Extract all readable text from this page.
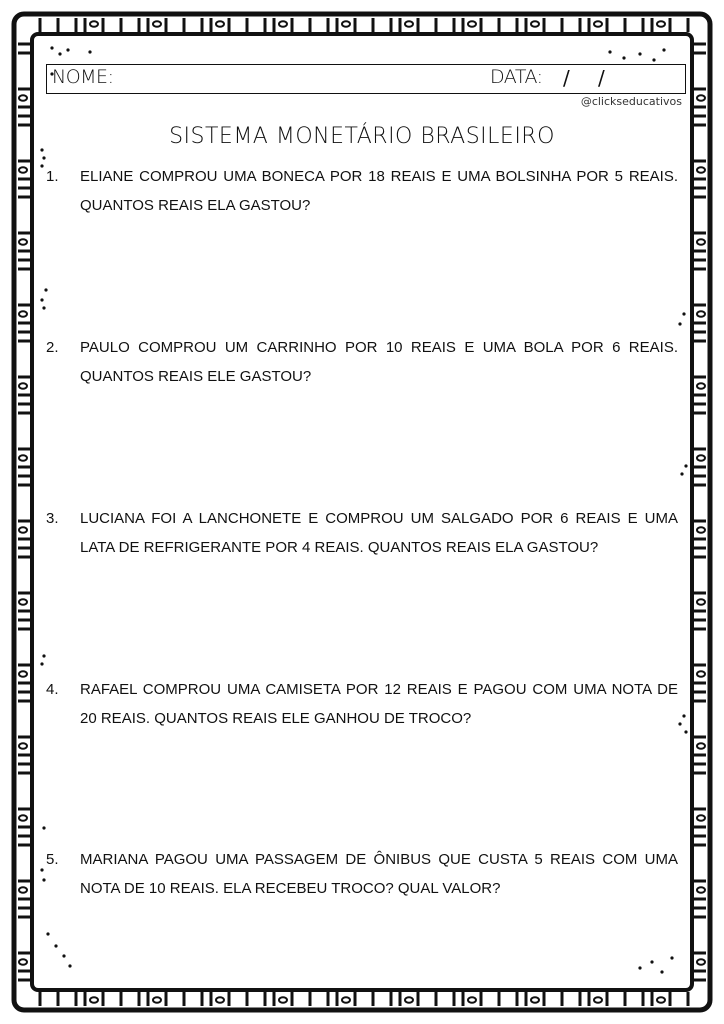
NOME:	DATA: / /
@clickseducativos
SISTEMA MONETÁRIO BRASILEIRO
1. ELIANE COMPROU UMA BONECA POR 18 REAIS E UMA BOLSINHA POR 5 REAIS. QUANTOS REAIS ELA GASTOU?
2. PAULO COMPROU UM CARRINHO POR 10 REAIS E UMA BOLA POR 6 REAIS. QUANTOS REAIS ELE GASTOU?
3. LUCIANA FOI A LANCHONETE E COMPROU UM SALGADO POR 6 REAIS E UMA LATA DE REFRIGERANTE POR 4 REAIS. QUANTOS REAIS ELA GASTOU?
4. RAFAEL COMPROU UMA CAMISETA POR 12 REAIS E PAGOU COM UMA NOTA DE 20 REAIS. QUANTOS REAIS ELE GANHOU DE TROCO?
5. MARIANA PAGOU UMA PASSAGEM DE ÔNIBUS QUE CUSTA 5 REAIS COM UMA NOTA DE 10 REAIS. ELA RECEBEU TROCO? QUAL VALOR?
